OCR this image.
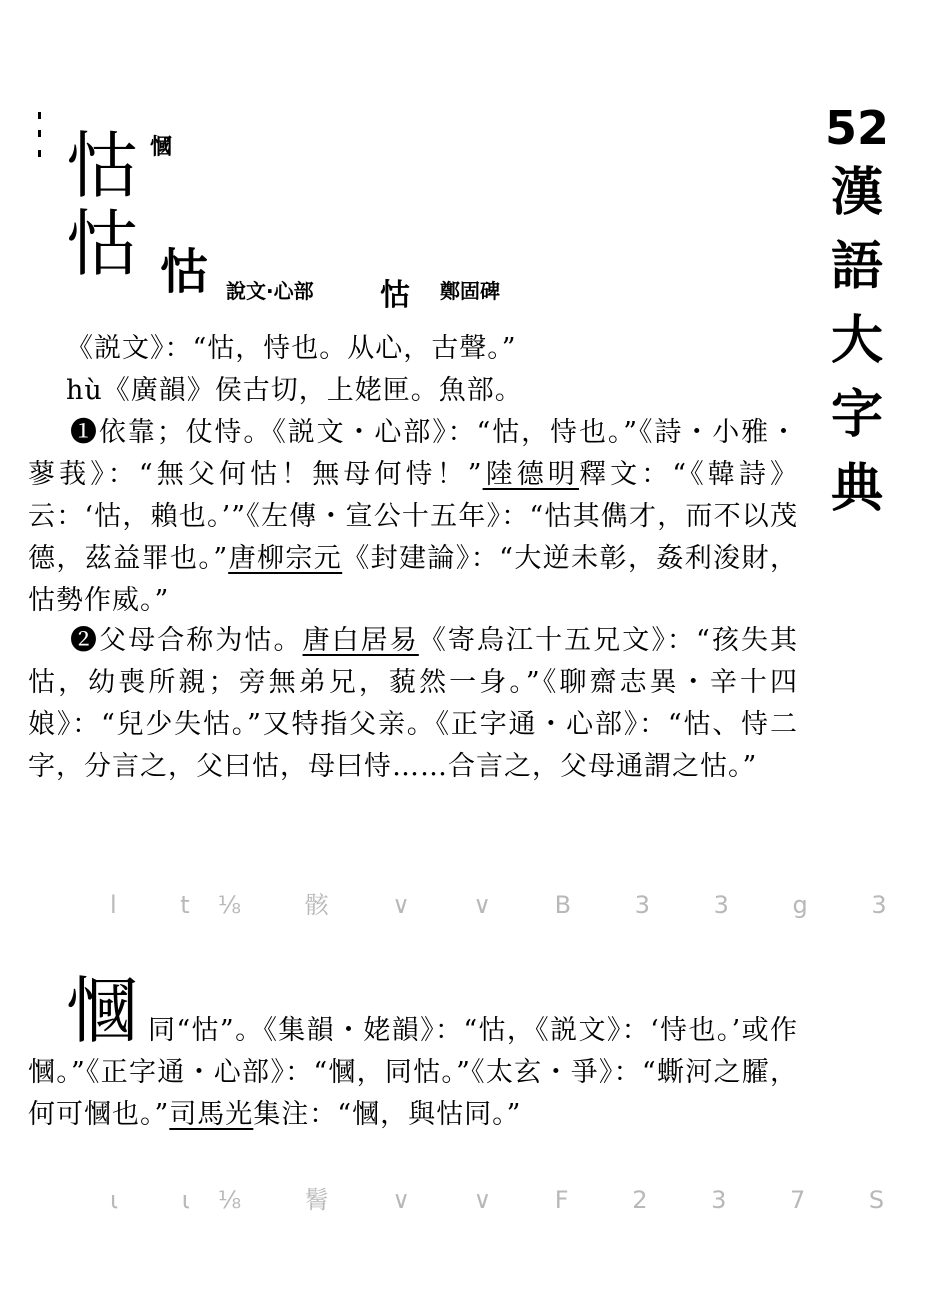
52
漢
語
大
字
典
怙 慖
怙 怙 說文·心部 怙 鄭固碑
《説文》：“怙，恃也。从心，古聲。”
hù《廣韻》侯古切，上姥匣。魚部。
❶依靠；仗恃。《説文・心部》：“怙，恃也。”《詩・小雅・蓼莪》：“無父何怙！無母何恃！”陸德明釋文：“《韓詩》云：‘怙，賴也。’”《左傳・宣公十五年》：“怙其儁才，而不以茂德，茲益罪也。”唐柳宗元《封建論》：“大逆未彰，姦利浚財，怙勢作威。”
❷父母合称为怙。唐白居易《寄烏江十五兄文》：“孩失其怙，幼喪所親；旁無弟兄，藐然一身。”《聊齋志異・辛十四娘》：“兒少失怙。”又特指父亲。《正字通・心部》：“怙、恃二字，分言之，父曰怙，母曰恃……合言之，父母通謂之怙。”
l t⅛ 骸 ∨ ∨ B 3 3 g 3
慖 同“怙”。《集韻・姥韻》：“怙，《説文》：‘恃也。’或作慖。”《正字通・心部》：“慖，同怙。”《太玄・爭》：“蟖河之臛，何可慖也。”司馬光集注：“慖，與怙同。”
ι ι⅛ 鬌 ∨ ∨ F 2 3 7 S
